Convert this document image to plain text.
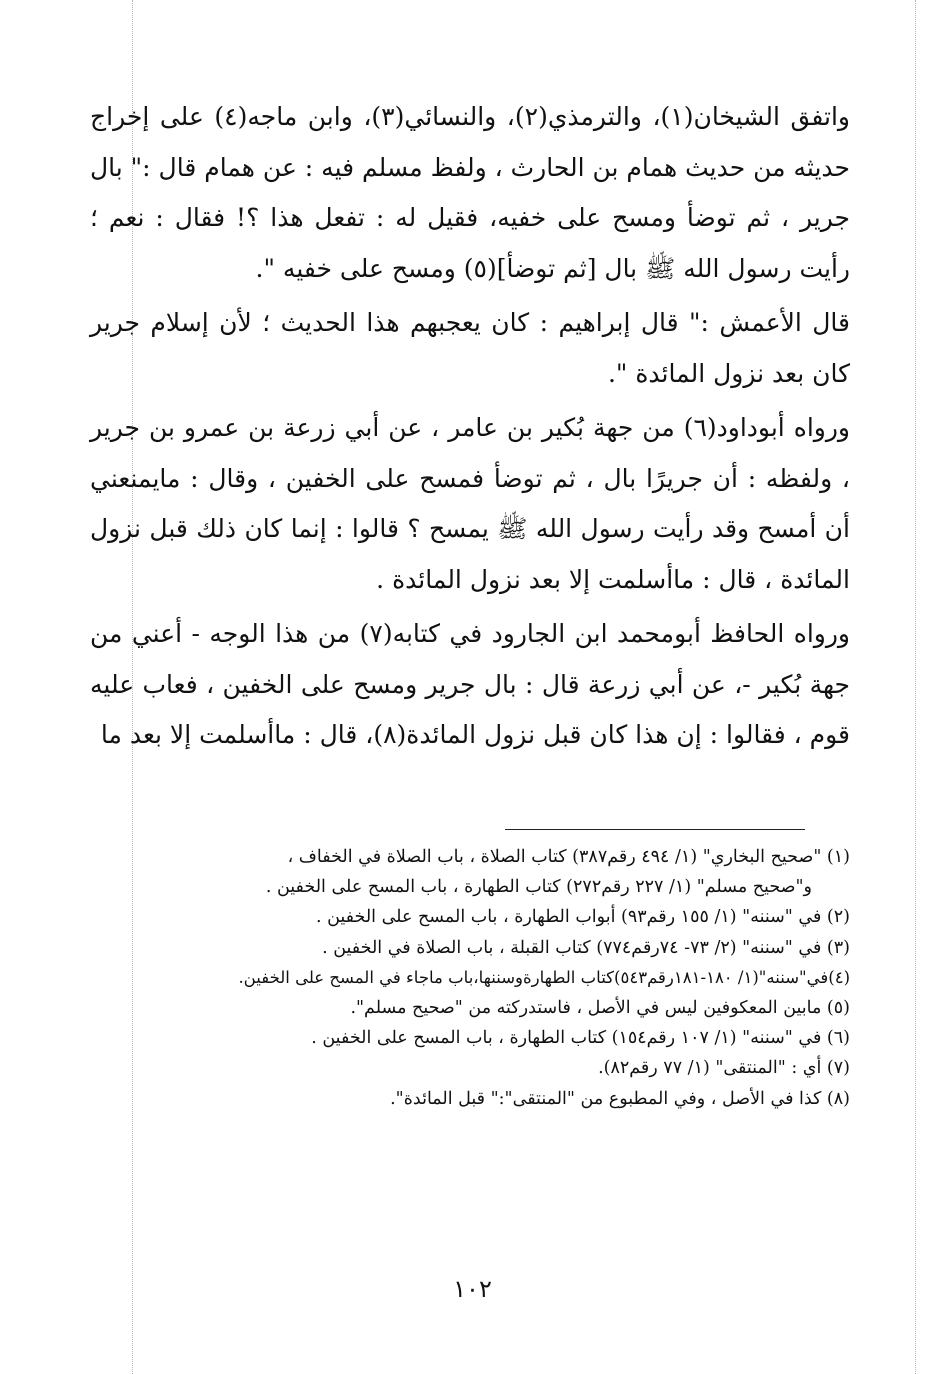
واتفق الشيخان(١)، والترمذي(٢)، والنسائي(٣)، وابن ماجه(٤) على إخراج حديثه من حديث همام بن الحارث ، ولفظ مسلم فيه : عن همام قال :" بال جرير ، ثم توضأ ومسح على خفيه، فقيل له : تفعل هذا ؟! فقال : نعم ؛ رأيت رسول الله ﷺ بال [ثم توضأ](٥) ومسح على خفيه ".

قال الأعمش :" قال إبراهيم : كان يعجبهم هذا الحديث ؛ لأن إسلام جرير كان بعد نزول المائدة ".

ورواه أبوداود(٦) من جهة بُكير بن عامر ، عن أبي زرعة بن عمرو بن جرير ، ولفظه : أن جريرًا بال ، ثم توضأ فمسح على الخفين ، وقال : مايمنعني أن أمسح وقد رأيت رسول الله ﷺ يمسح ؟ قالوا : إنما كان ذلك قبل نزول المائدة ، قال : ماأسلمت إلا بعد نزول المائدة .

ورواه الحافظ أبومحمد ابن الجارود في كتابه(٧) من هذا الوجه - أعني من جهة بُكير -، عن أبي زرعة قال : بال جرير ومسح على الخفين ، فعاب عليه قوم ، فقالوا : إن هذا كان قبل نزول المائدة(٨)، قال : ماأسلمت إلا بعد ما

(١) "صحيح البخاري" (١/ ٤٩٤ رقم٣٨٧) كتاب الصلاة ، باب الصلاة في الخفاف ،
و"صحيح مسلم" (١/ ٢٢٧ رقم٢٧٢) كتاب الطهارة ، باب المسح على الخفين .
(٢) في "سننه" (١/ ١٥٥ رقم٩٣) أبواب الطهارة ، باب المسح على الخفين .
(٣) في "سننه" (٢/ ٧٣- ٧٤رقم٧٧٤) كتاب القبلة ، باب الصلاة في الخفين .
(٤)في"سننه"(١/ ١٨٠-١٨١رقم٥٤٣)كتاب الطهارةوسننها،باب ماجاء في المسح على الخفين.
(٥) مابين المعكوفين ليس في الأصل ، فاستدركته من "صحيح مسلم".
(٦) في "سننه" (١/ ١٠٧ رقم١٥٤) كتاب الطهارة ، باب المسح على الخفين .
(٧) أي : "المنتقى" (١/ ٧٧ رقم٨٢).
(٨) كذا في الأصل ، وفي المطبوع من "المنتقى":" قبل المائدة".
١٠٢
